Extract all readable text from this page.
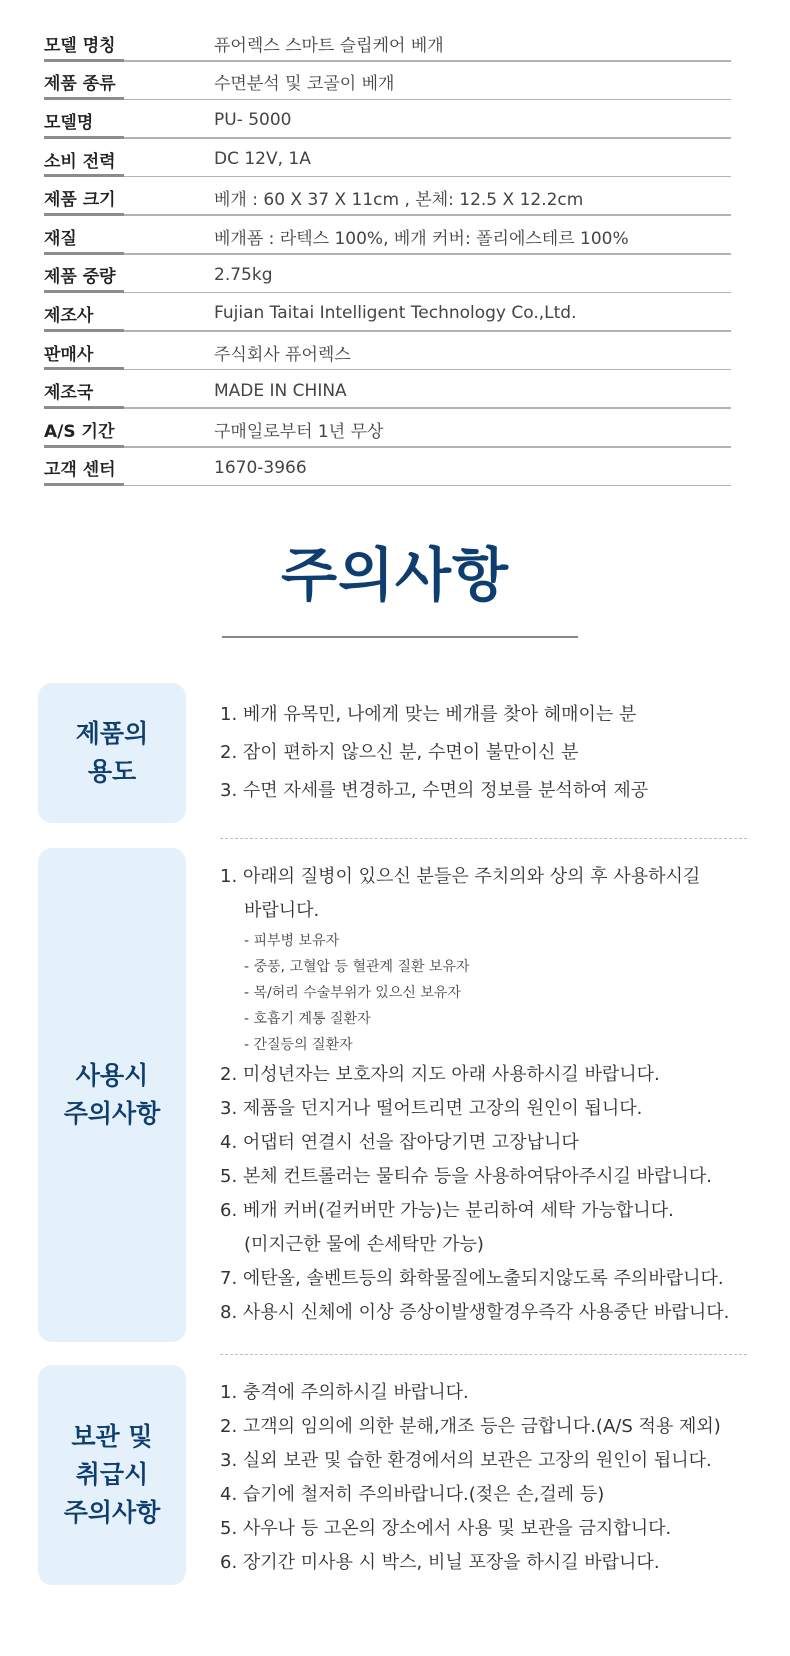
모델 명칭	퓨어렉스 스마트 슬립케어 베개
제품 종류	수면분석 및 코골이 베개
모델명	PU- 5000
소비 전력	DC 12V, 1A
제품 크기	베개 : 60 X 37 X 11cm , 본체: 12.5 X 12.2cm
재질	베개폼 : 라텍스 100%, 베개 커버: 폴리에스테르 100%
제품 중량	2.75kg
제조사	Fujian Taitai Intelligent Technology Co.,Ltd.
판매사	주식회사 퓨어렉스
제조국	MADE IN CHINA
A/S 기간	구매일로부터 1년 무상
고객 센터	1670-3966
주의사항
제품의
용도
1. 베개 유목민, 나에게 맞는 베개를 찾아 헤매이는 분
2. 잠이 편하지 않으신 분, 수면이 불만이신 분
3. 수면 자세를 변경하고, 수면의 정보를 분석하여 제공
사용시
주의사항
1. 아래의 질병이 있으신 분들은 주치의와 상의 후 사용하시길
바랍니다.
- 피부병 보유자
- 중풍, 고혈압 등 혈관계 질환 보유자
- 목/허리 수술부위가 있으신 보유자
- 호흡기 계통 질환자
- 간질등의 질환자
2. 미성년자는 보호자의 지도 아래 사용하시길 바랍니다.
3. 제품을 던지거나 떨어트리면 고장의 원인이 됩니다.
4. 어댑터 연결시 선을 잡아당기면 고장납니다
5. 본체 컨트롤러는 물티슈 등을 사용하여닦아주시길 바랍니다.
6. 베개 커버(겉커버만 가능)는 분리하여 세탁 가능합니다.
(미지근한 물에 손세탁만 가능)
7. 에탄올, 솔벤트등의 화학물질에노출되지않도록 주의바랍니다.
8. 사용시 신체에 이상 증상이발생할경우즉각 사용중단 바랍니다.
보관 및
취급시
주의사항
1. 충격에 주의하시길 바랍니다.
2. 고객의 임의에 의한 분해,개조 등은 금합니다.(A/S 적용 제외)
3. 실외 보관 및 습한 환경에서의 보관은 고장의 원인이 됩니다.
4. 습기에 철저히 주의바랍니다.(젖은 손,걸레 등)
5. 사우나 등 고온의 장소에서 사용 및 보관을 금지합니다.
6. 장기간 미사용 시 박스, 비닐 포장을 하시길 바랍니다.
